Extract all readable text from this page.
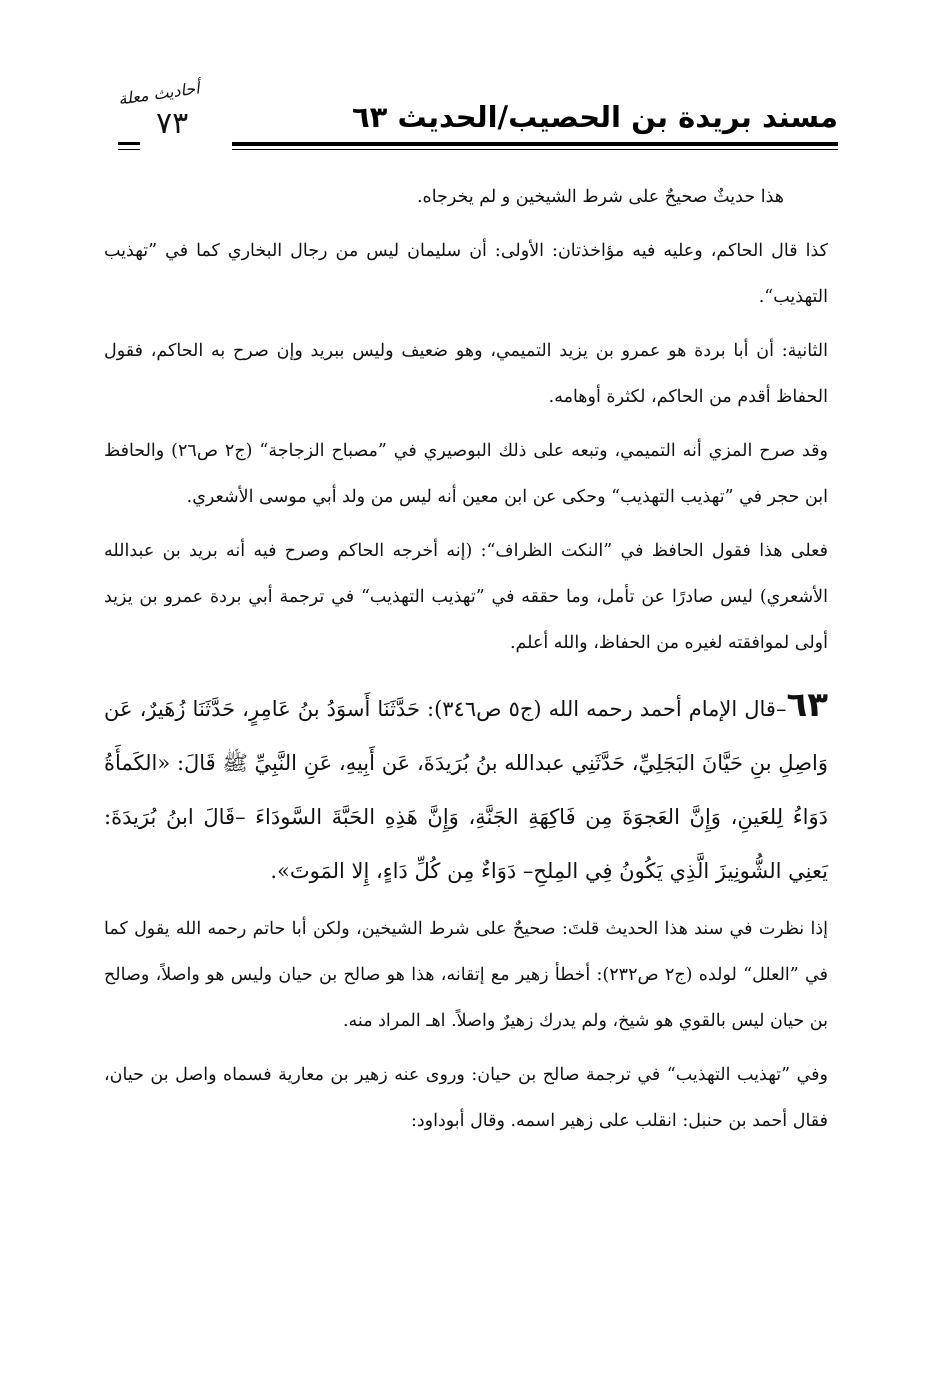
مسند بريدة بن الحصيب/الحديث ٦٣
أحاديث معلة
٧٣

هذا حديثٌ صحيحٌ على شرط الشيخين و لم يخرجاه.

كذا قال الحاكم، وعليه فيه مؤاخذتان: الأولى: أن سليمان ليس من رجال البخاري كما في ”تهذيب التهذيب“.

الثانية: أن أبا بردة هو عمرو بن يزيد التميمي، وهو ضعيف وليس ببريد وإن صرح به الحاكم، فقول الحفاظ أقدم من الحاكم، لكثرة أوهامه.

وقد صرح المزي أنه التميمي، وتبعه على ذلك البوصيري في ”مصباح الزجاجة“ (ج٢ ص٢٦) والحافظ ابن حجر في ”تهذيب التهذيب“ وحكى عن ابن معين أنه ليس من ولد أبي موسى الأشعري.

فعلى هذا فقول الحافظ في ”النكت الظراف“: (إنه أخرجه الحاكم وصرح فيه أنه بريد بن عبدالله الأشعري) ليس صادرًا عن تأمل، وما حققه في ”تهذيب التهذيب“ في ترجمة أبي بردة عمرو بن يزيد أولى لموافقته لغيره من الحفاظ، والله أعلم.

٦٣–قال الإمام أحمد رحمه الله (ج٥ ص٣٤٦): حَدَّثَنَا أَسوَدُ بنُ عَامِرٍ، حَدَّثَنَا زُهَيرٌ، عَن وَاصِلِ بنِ حَيَّانَ البَجَلِيِّ، حَدَّثَنِي عبدالله بنُ بُرَيدَةَ، عَن أَبِيهِ، عَنِ النَّبِيِّ ﷺ قَالَ: «الكَمأَةُ دَوَاءُ لِلعَينِ، وَإِنَّ العَجوَةَ مِن فَاكِهَةِ الجَنَّةِ، وَإِنَّ هَذِهِ الحَبَّةَ السَّودَاءَ –قَالَ ابنُ بُرَيدَةَ: يَعنِي الشُّونِيزَ الَّذِي يَكُونُ فِي المِلحِ– دَوَاءٌ مِن كُلِّ دَاءٍ، إِلا المَوتَ».

إذا نظرت في سند هذا الحديث قلتَ: صحيحٌ على شرط الشيخين، ولكن أبا حاتم رحمه الله يقول كما في ”العلل“ لولده (ج٢ ص٢٣٢): أخطأ زهير مع إتقانه، هذا هو صالح بن حيان وليس هو واصلاً، وصالح بن حيان ليس بالقوي هو شيخ، ولم يدرك زهيرٌ واصلاً. اهـ المراد منه.

وفي ”تهذيب التهذيب“ في ترجمة صالح بن حيان: وروى عنه زهير بن معارية فسماه واصل بن حيان، فقال أحمد بن حنبل: انقلب على زهير اسمه. وقال أبوداود:
